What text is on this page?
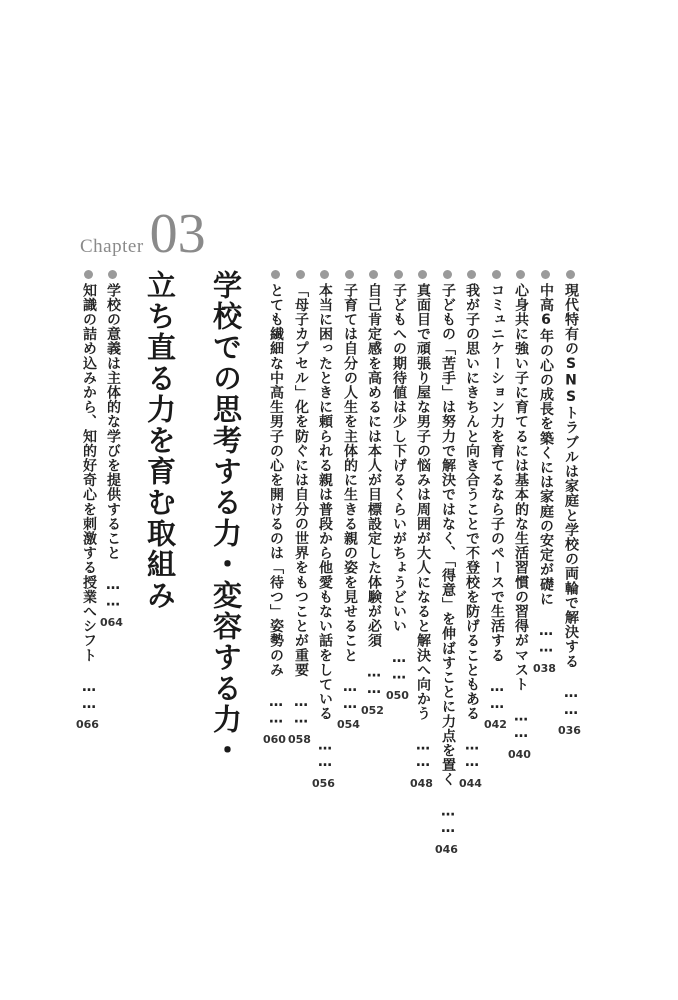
Chapter 03
学校での思考する力・変容する力・
立ち直る力を育む取組み	現代特有のSNSトラブルは家庭と学校の両輪で解決する ……
036
中高6年の心の成長を築くには家庭の安定が礎に ……
038
心身共に強い子に育てるには基本的な生活習慣の習得がマスト ……
040
コミュニケーション力を育てるなら子のペースで生活する ……
042
我が子の思いにきちんと向き合うことで不登校を防げることもある ……
044
子どもの「苦手」は努力で解決ではなく、「得意」を伸ばすことに力点を置く ……
046
真面目で頑張り屋な男子の悩みは周囲が大人になると解決へ向かう ……
048
子どもへの期待値は少し下げるくらいがちょうどいい ……
050
自己肯定感を高めるには本人が目標設定した体験が必須 ……
052
子育ては自分の人生を主体的に生きる親の姿を見せること ……
054
本当に困ったときに頼られる親は普段から他愛もない話をしている ……
056
「母子カプセル」化を防ぐには自分の世界をもつことが重要 ……
058
とても繊細な中高生男子の心を開けるのは「待つ」姿勢のみ ……
060
学校の意義は主体的な学びを提供すること ……
064
知識の詰め込みから、知的好奇心を刺激する授業へシフト ……
066
